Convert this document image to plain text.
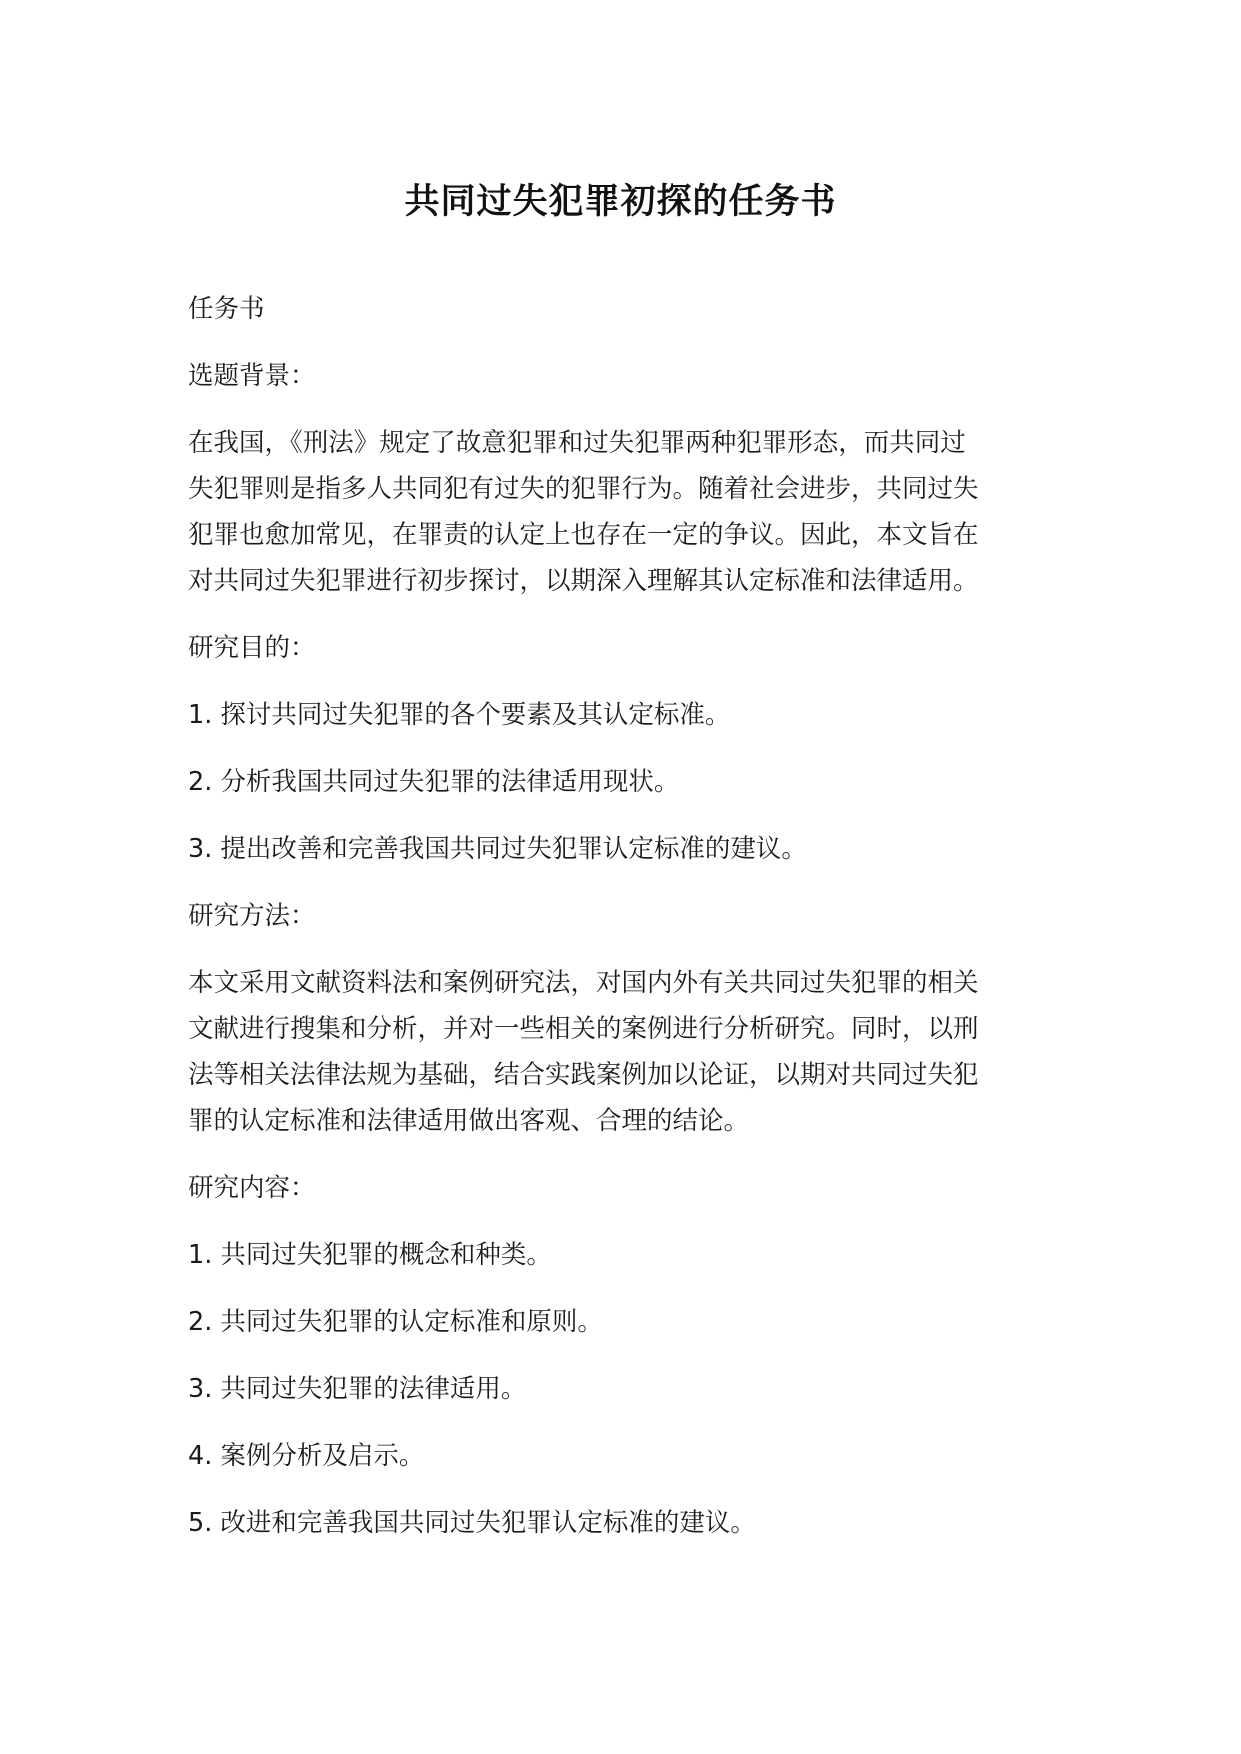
共同过失犯罪初探的任务书

任务书

选题背景：

在我国，《刑法》规定了故意犯罪和过失犯罪两种犯罪形态，而共同过
失犯罪则是指多人共同犯有过失的犯罪行为。随着社会进步，共同过失
犯罪也愈加常见，在罪责的认定上也存在一定的争议。因此，本文旨在
对共同过失犯罪进行初步探讨，以期深入理解其认定标准和法律适用。

研究目的：

1. 探讨共同过失犯罪的各个要素及其认定标准。

2. 分析我国共同过失犯罪的法律适用现状。

3. 提出改善和完善我国共同过失犯罪认定标准的建议。

研究方法：

本文采用文献资料法和案例研究法，对国内外有关共同过失犯罪的相关
文献进行搜集和分析，并对一些相关的案例进行分析研究。同时，以刑
法等相关法律法规为基础，结合实践案例加以论证，以期对共同过失犯
罪的认定标准和法律适用做出客观、合理的结论。

研究内容：

1. 共同过失犯罪的概念和种类。

2. 共同过失犯罪的认定标准和原则。

3. 共同过失犯罪的法律适用。

4. 案例分析及启示。

5. 改进和完善我国共同过失犯罪认定标准的建议。
